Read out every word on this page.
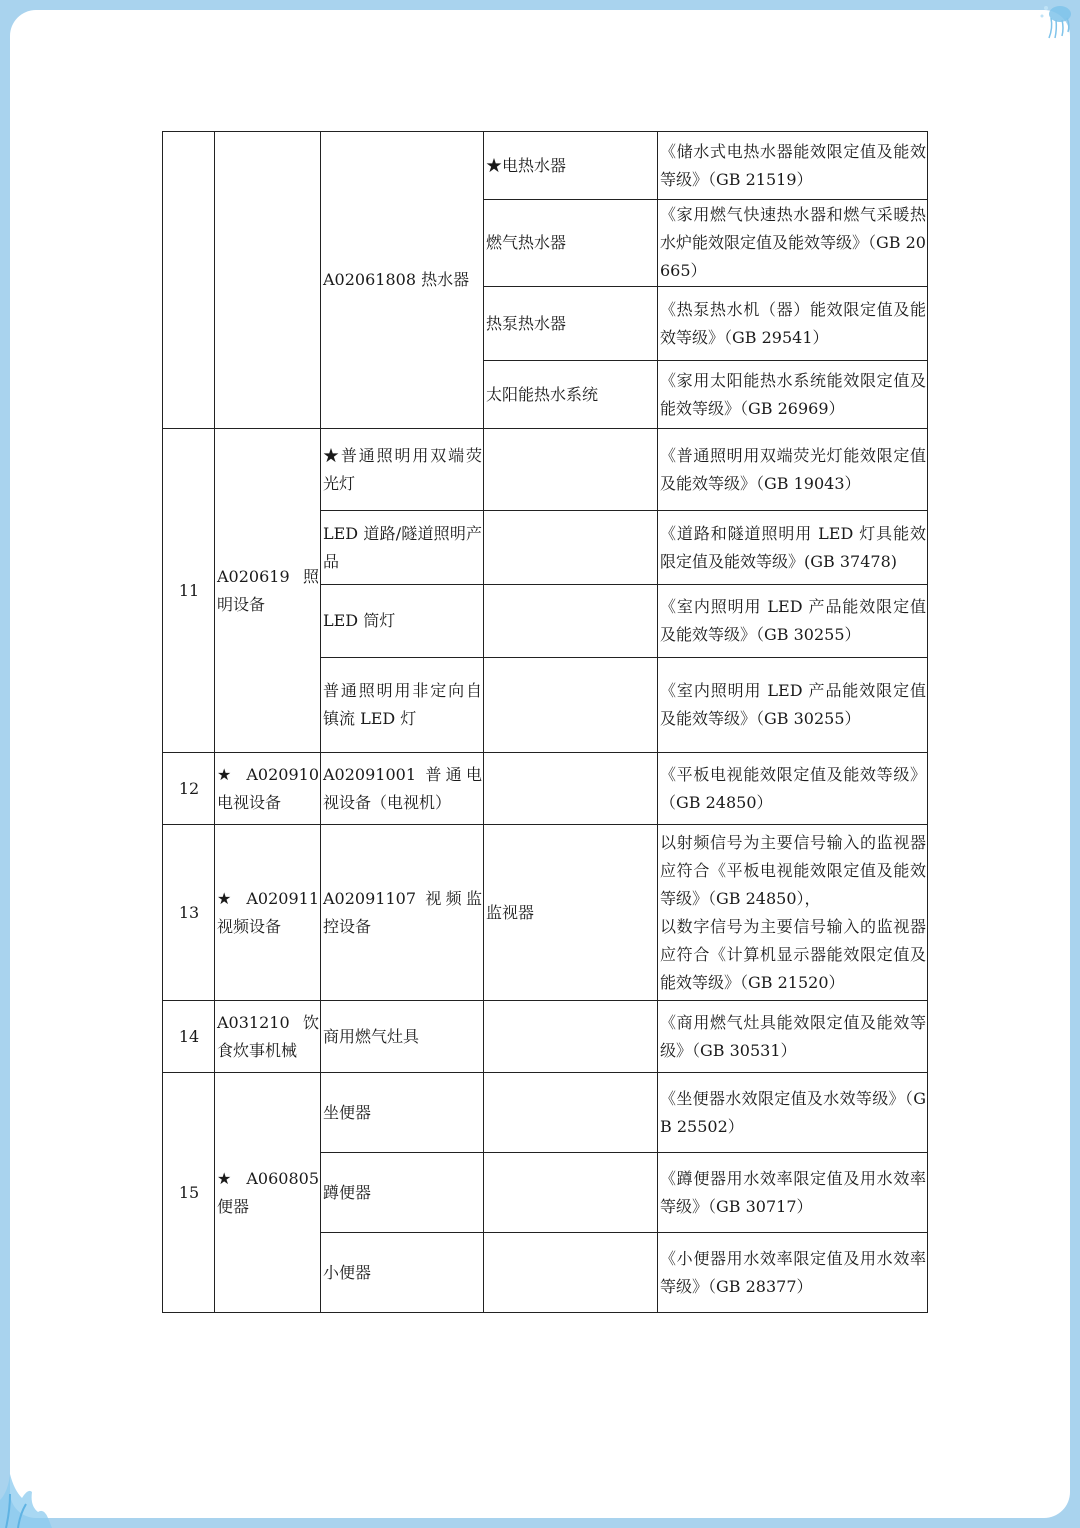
		A02061808 热水器	★电热水器	《储水式电热水器能效限定值及能效等级》（GB 21519）
			燃气热水器	《家用燃气快速热水器和燃气采暖热水炉能效限定值及能效等级》（GB 20665）
			热泵热水器	《热泵热水机（器）能效限定值及能效等级》（GB 29541）
			太阳能热水系统	《家用太阳能热水系统能效限定值及能效等级》（GB 26969）
11	A020619 照明设备	★普通照明用双端荧光灯		《普通照明用双端荧光灯能效限定值及能效等级》（GB 19043）
		LED 道路/隧道照明产品		《道路和隧道照明用 LED 灯具能效限定值及能效等级》(GB 37478)
		LED 筒灯		《室内照明用 LED 产品能效限定值及能效等级》（GB 30255）
		普通照明用非定向自镇流 LED 灯		《室内照明用 LED 产品能效限定值及能效等级》（GB 30255）
12	★A020910 电视设备	A02091001 普通电视设备（电视机）		《平板电视能效限定值及能效等级》（GB 24850）
13	★A020911 视频设备	A02091107 视频监控设备	监视器	以射频信号为主要信号输入的监视器应符合《平板电视能效限定值及能效等级》（GB 24850），
以数字信号为主要信号输入的监视器应符合《计算机显示器能效限定值及能效等级》（GB 21520）

14	A031210 饮食炊事机械	商用燃气灶具		《商用燃气灶具能效限定值及能效等级》（GB 30531）
15	★A060805 便器	坐便器		《坐便器水效限定值及水效等级》（GB 25502）
		蹲便器		《蹲便器用水效率限定值及用水效率等级》（GB 30717）
		小便器		《小便器用水效率限定值及用水效率等级》（GB 28377）
